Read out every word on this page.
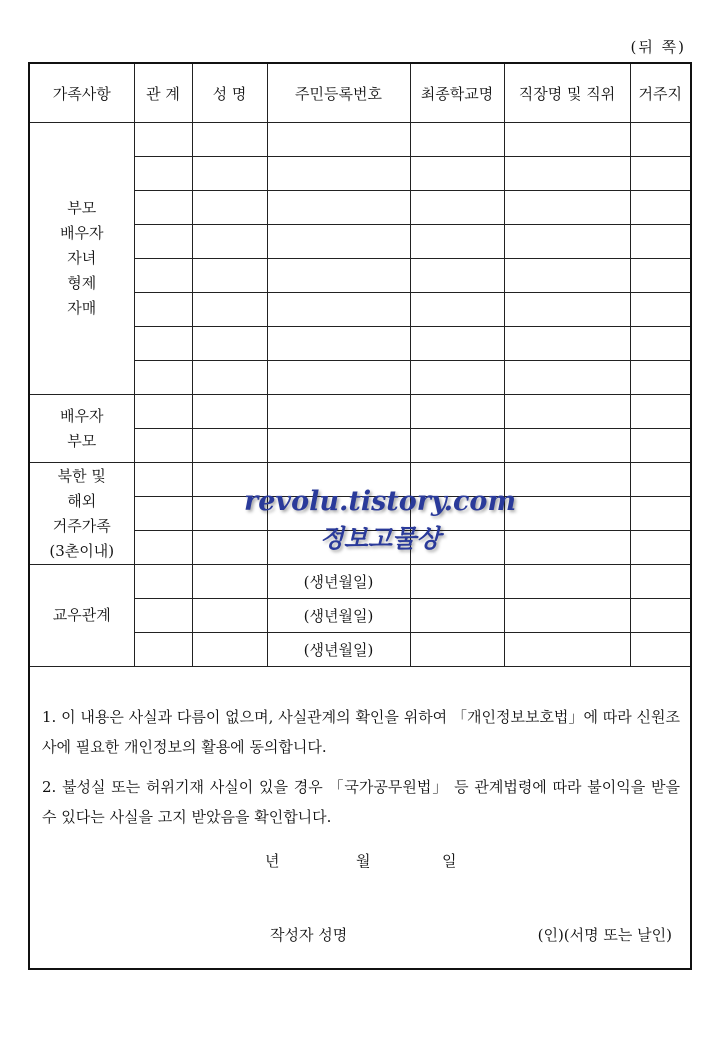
(뒤 쪽)
가족사항	관 계	성 명	주민등록번호	최종학교명	직장명 및 직위	거주지

부모
배우자
자녀
형제
자매						

배우자
부모						

북한 및
해외
거주가족
(3촌이내)						

교우관계			(생년월일)			
			(생년월일)			
			(생년월일)			
1. 이 내용은 사실과 다름이 없으며, 사실관계의 확인을 위하여 「개인정보보호법」에 따라 신원조사에 필요한 개인정보의 활용에 동의합니다.
2. 불성실 또는 허위기재 사실이 있을 경우 「국가공무원법」 등 관계법령에 따라 불이익을 받을 수 있다는 사실을 고지 받았음을 확인합니다.
년	월	일
작성자 성명	(인)(서명 또는 날인)
revolu.tistory.com
정보고물상
